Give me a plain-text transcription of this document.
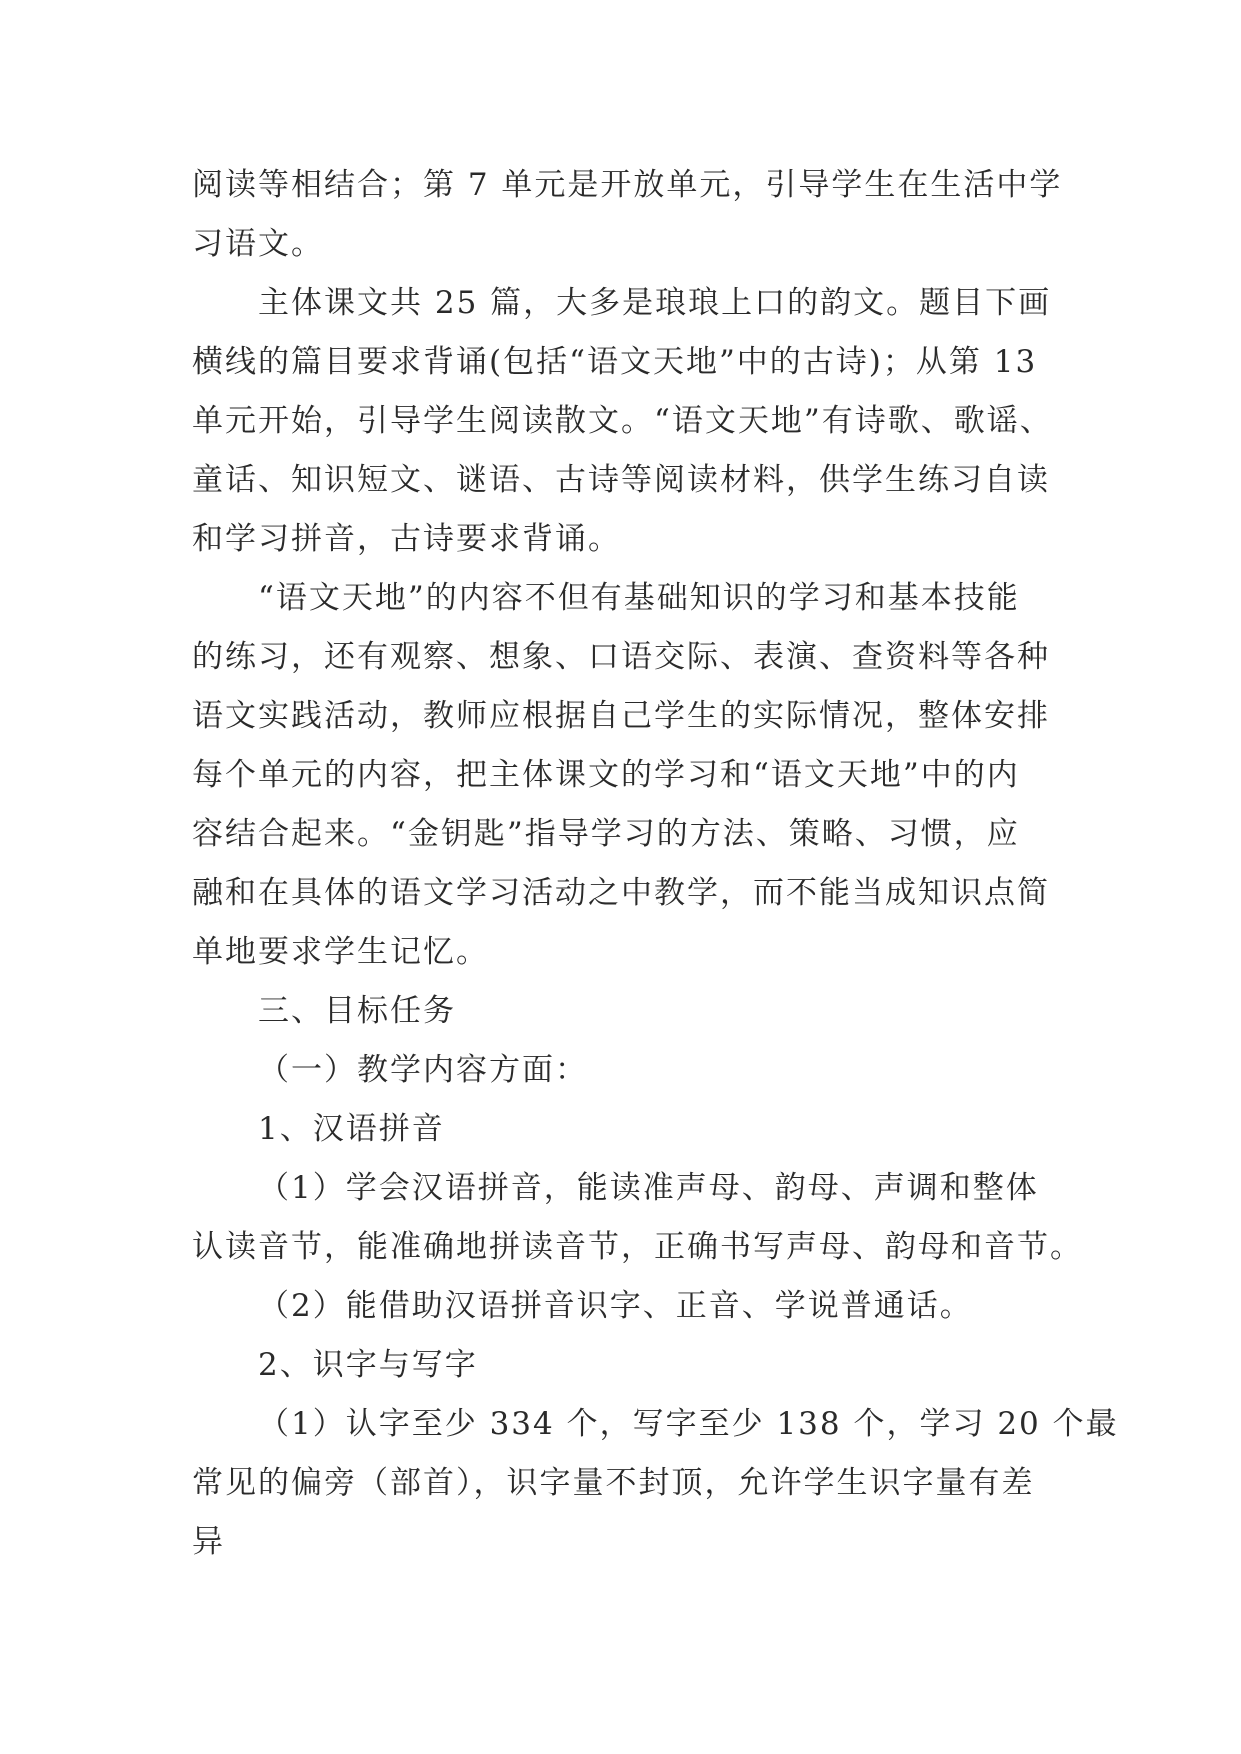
阅读等相结合；第 7 单元是开放单元，引导学生在生活中学
习语文。
主体课文共 25 篇，大多是琅琅上口的韵文。题目下画
横线的篇目要求背诵(包括“语文天地”中的古诗)；从第 13
单元开始，引导学生阅读散文。“语文天地”有诗歌、歌谣、
童话、知识短文、谜语、古诗等阅读材料，供学生练习自读
和学习拼音，古诗要求背诵。
“语文天地”的内容不但有基础知识的学习和基本技能
的练习，还有观察、想象、口语交际、表演、查资料等各种
语文实践活动，教师应根据自己学生的实际情况，整体安排
每个单元的内容，把主体课文的学习和“语文天地”中的内
容结合起来。“金钥匙”指导学习的方法、策略、习惯，应
融和在具体的语文学习活动之中教学，而不能当成知识点简
单地要求学生记忆。
三、目标任务
（一）教学内容方面：
1、汉语拼音
（1）学会汉语拼音，能读准声母、韵母、声调和整体
认读音节，能准确地拼读音节，正确书写声母、韵母和音节。
（2）能借助汉语拼音识字、正音、学说普通话。
2、识字与写字
（1）认字至少 334 个，写字至少 138 个，学习 20 个最
常见的偏旁（部首），识字量不封顶，允许学生识字量有差
异
